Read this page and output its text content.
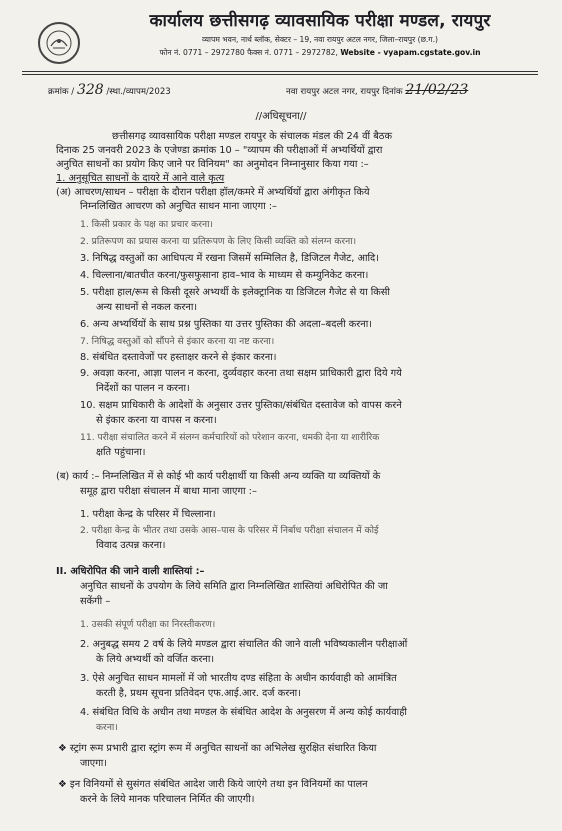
कार्यालय छत्तीसगढ़ व्यावसायिक परीक्षा मण्डल, रायपुर
व्यापम भवन, नार्थ ब्लॉक, सेक्टर – 19, नवा रायपुर अटल नगर, जिला–रायपुर (छ.ग.)
फोन नं. 0771 – 2972780 फैक्स नं. 0771 – 2972782, Website - vyapam.cgstate.gov.in
क्रमांक / 328 /स्था./व्यापम/2023	नवा रायपुर अटल नगर, रायपुर दिनांक 21/02/23
//अधिसूचना//
छत्तीसगढ़ व्यावसायिक परीक्षा मण्डल रायपुर के संचालक मंडल की 24 वीं बैठक
दिनाक 25 जनवरी 2023 के एजेण्डा क्रमांक 10 – "व्यापम की परीक्षाओं में अभ्यर्थियों द्वारा
अनुचित साधनों का प्रयोग किए जाने पर विनियम" का अनुमोदन निम्नानुसार किया गया :–
1. अनुसूचित साधनों के दायरे में आने वाले कृत्य
(अ) आचरण/साधन – परीक्षा के दौरान परीक्षा हॉल/कमरे में अभ्यर्थियों द्वारा अंगीकृत किये
निम्नलिखित आचरण को अनुचित साधन माना जाएगा :–
1. किसी प्रकार के पक्ष का प्रचार करना।
2. प्रतिरूपण का प्रयास करना या प्रतिरूपण के लिए किसी व्यक्ति को संलग्न करना।
3. निषिद्ध वस्तुओं का आधिपत्य में रखना जिसमें सम्मिलित है, डिजिटल गैजेट, आदि।
4. चिल्लाना/बातचीत करना/फुसफुसाना हाव–भाव के माध्यम से कम्युनिकेट करना।
5. परीक्षा हाल/रूम से किसी दूसरे अभ्यर्थी के इलेक्ट्रानिक या डिजिटल गैजेट से या किसी
अन्य साधनों से नकल करना।
6. अन्य अभ्यर्थियों के साथ प्रश्न पुस्तिका या उत्तर पुस्तिका की अदला–बदली करना।
7. निषिद्ध वस्तुओं को सौंपने से इंकार करना या नष्ट करना।
8. संबंधित दस्तावेजों पर हस्ताक्षर करने से इंकार करना।
9. अवज्ञा करना, आज्ञा पालन न करना, दुर्व्यवहार करना तथा सक्षम प्राधिकारी द्वारा दिये गये
निर्देशों का पालन न करना।
10. सक्षम प्राधिकारी के आदेशों के अनुसार उत्तर पुस्तिका/संबंधित दस्तावेज को वापस करने
से इंकार करना या वापस न करना।
11. परीक्षा संचालित करने में संलग्न कर्मचारियों को परेशान करना, धमकी देना या शारीरिक
क्षति पहुंचाना।
(ब) कार्य :– निम्नलिखित में से कोई भी कार्य परीक्षार्थी या किसी अन्य व्यक्ति या व्यक्तियों के
समूह द्वारा परीक्षा संचालन में बाधा माना जाएगा :–
1. परीक्षा केन्द्र के परिसर में चिल्लाना।
2. परीक्षा केन्द्र के भीतर तथा उसके आस–पास के परिसर में निर्बाध परीक्षा संचालन में कोई
विवाद उत्पन्न करना।
II. अधिरोपित की जाने वाली शास्तियां :–
अनुचित साधनों के उपयोग के लिये समिति द्वारा निम्नलिखित शास्तियां अधिरोपित की जा
सकेंगी –
1. उसकी संपूर्ण परीक्षा का निरस्तीकरण।
2. अनुबद्ध समय 2 वर्ष के लिये मण्डल द्वारा संचालित की जाने वाली भविष्यकालीन परीक्षाओं
के लिये अभ्यर्थी को वर्जित करना।
3. ऐसे अनुचित साधन मामलों में जो भारतीय दण्ड संहिता के अधीन कार्यवाही को आमंत्रित
करती है, प्रथम सूचना प्रतिवेदन एफ.आई.आर. दर्ज करना।
4. संबंधित विधि के अधीन तथा मण्डल के संबंधित आदेश के अनुसरण में अन्य कोई कार्यवाही
करना।
❖ स्ट्रांग रूम प्रभारी द्वारा स्ट्रांग रूम में अनुचित साधनों का अभिलेख सुरक्षित संधारित किया
जाएगा।
❖ इन विनियमों से सुसंगत संबंधित आदेश जारी किये जाएंगे तथा इन विनियमों का पालन
करने के लिये मानक परिचालन निर्मित की जाएगी।
